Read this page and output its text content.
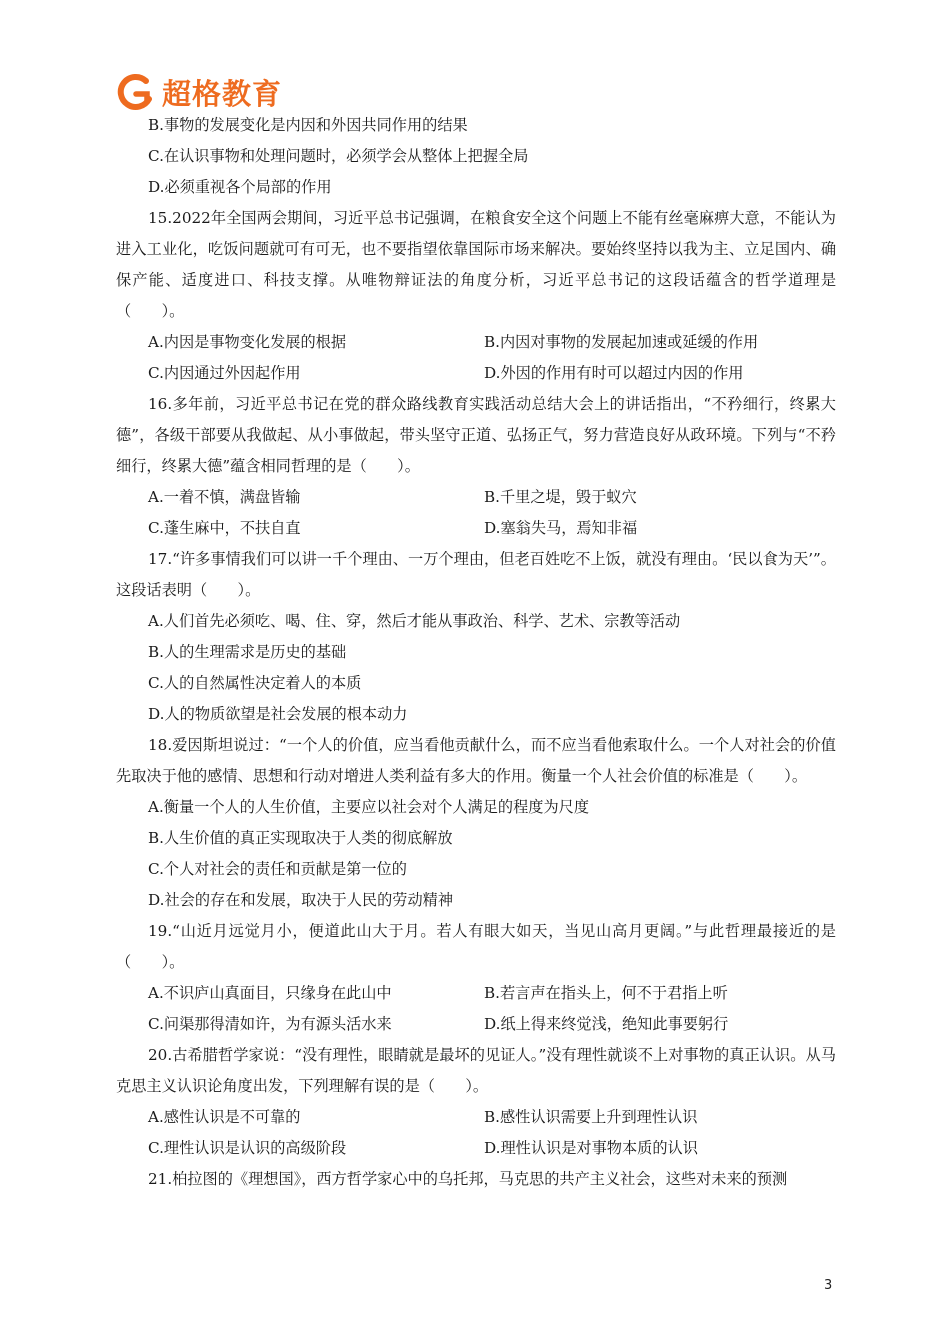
超格教育
B.事物的发展变化是内因和外因共同作用的结果
C.在认识事物和处理问题时，必须学会从整体上把握全局
D.必须重视各个局部的作用
15.2022年全国两会期间，习近平总书记强调，在粮食安全这个问题上不能有丝毫麻痹大意，不能认为进入工业化，吃饭问题就可有可无，也不要指望依靠国际市场来解决。要始终坚持以我为主、立足国内、确保产能、适度进口、科技支撑。从唯物辩证法的角度分析，习近平总书记的这段话蕴含的哲学道理是（　　）。
A.内因是事物变化发展的根据	B.内因对事物的发展起加速或延缓的作用
C.内因通过外因起作用	D.外因的作用有时可以超过内因的作用
16.多年前，习近平总书记在党的群众路线教育实践活动总结大会上的讲话指出，“不矜细行，终累大德”，各级干部要从我做起、从小事做起，带头坚守正道、弘扬正气，努力营造良好从政环境。下列与“不矜细行，终累大德”蕴含相同哲理的是（　　）。
A.一着不慎，满盘皆输	B.千里之堤，毁于蚁穴
C.蓬生麻中，不扶自直	D.塞翁失马，焉知非福
17.“许多事情我们可以讲一千个理由、一万个理由，但老百姓吃不上饭，就没有理由。‘民以食为天’”。这段话表明（　　）。
A.人们首先必须吃、喝、住、穿，然后才能从事政治、科学、艺术、宗教等活动
B.人的生理需求是历史的基础
C.人的自然属性决定着人的本质
D.人的物质欲望是社会发展的根本动力
18.爱因斯坦说过：“一个人的价值，应当看他贡献什么，而不应当看他索取什么。一个人对社会的价值先取决于他的感情、思想和行动对增进人类利益有多大的作用。衡量一个人社会价值的标准是（　　）。
A.衡量一个人的人生价值，主要应以社会对个人满足的程度为尺度
B.人生价值的真正实现取决于人类的彻底解放
C.个人对社会的责任和贡献是第一位的
D.社会的存在和发展，取决于人民的劳动精神
19.“山近月远觉月小，便道此山大于月。若人有眼大如天，当见山高月更阔。”与此哲理最接近的是（　　）。
A.不识庐山真面目，只缘身在此山中	B.若言声在指头上，何不于君指上听
C.问渠那得清如许，为有源头活水来	D.纸上得来终觉浅，绝知此事要躬行
20.古希腊哲学家说：“没有理性，眼睛就是最坏的见证人。”没有理性就谈不上对事物的真正认识。从马克思主义认识论角度出发，下列理解有误的是（　　）。
A.感性认识是不可靠的	B.感性认识需要上升到理性认识
C.理性认识是认识的高级阶段	D.理性认识是对事物本质的认识
21.柏拉图的《理想国》，西方哲学家心中的乌托邦，马克思的共产主义社会，这些对未来的预测
3
